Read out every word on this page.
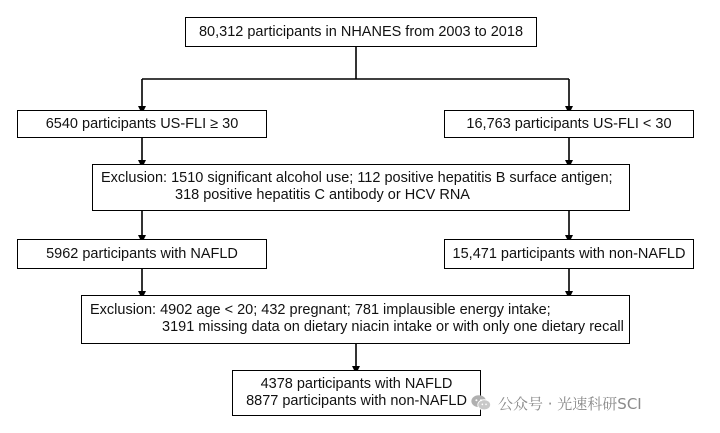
80,312 participants in NHANES from 2003 to 2018
6540 participants US-FLI ≥ 30	16,763 participants US-FLI < 30
Exclusion: 1510 significant alcohol use; 112 positive hepatitis B surface antigen;
318 positive hepatitis C antibody or HCV RNA
5962 participants with NAFLD	15,471 participants with non-NAFLD
Exclusion: 4902 age < 20; 432 pregnant; 781 implausible energy intake;
3191 missing data on dietary niacin intake or with only one dietary recall
4378 participants with NAFLD
8877 participants with non-NAFLD	公众号 · 光速科研SCI
